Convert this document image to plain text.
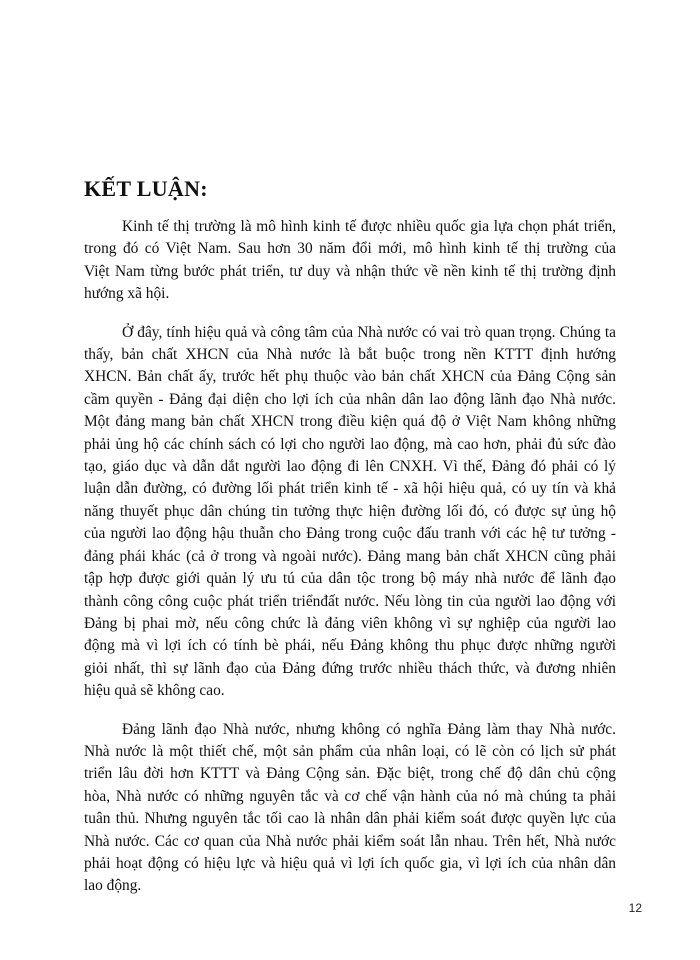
KẾT LUẬN:

Kinh tế thị trường là mô hình kinh tế được nhiều quốc gia lựa chọn phát triển,
trong đó có Việt Nam. Sau hơn 30 năm đổi mới, mô hình kinh tế thị trường của
Việt Nam từng bước phát triển, tư duy và nhận thức về nền kinh tế thị trường định
hướng xã hội.

Ở đây, tính hiệu quả và công tâm của Nhà nước có vai trò quan trọng. Chúng ta
thấy, bản chất XHCN của Nhà nước là bắt buộc trong nền KTTT định hướng
XHCN. Bản chất ấy, trước hết phụ thuộc vào bản chất XHCN của Đảng Cộng sản
cầm quyền - Đảng đại diện cho lợi ích của nhân dân lao động lãnh đạo Nhà nước.
Một đảng mang bản chất XHCN trong điều kiện quá độ ở Việt Nam không những
phải ủng hộ các chính sách có lợi cho người lao động, mà cao hơn, phải đủ sức đào
tạo, giáo dục và dẫn dắt người lao động đi lên CNXH. Vì thế, Đảng đó phải có lý
luận dẫn đường, có đường lối phát triển kinh tế - xã hội hiệu quả, có uy tín và khả
năng thuyết phục dân chúng tin tưởng thực hiện đường lối đó, có được sự ủng hộ
của người lao động hậu thuẫn cho Đảng trong cuộc đấu tranh với các hệ tư tưởng -
đảng phái khác (cả ở trong và ngoài nước). Đảng mang bản chất XHCN cũng phải
tập hợp được giới quản lý ưu tú của dân tộc trong bộ máy nhà nước để lãnh đạo
thành công công cuộc phát triển triểnđất nước. Nếu lòng tin của người lao động với
Đảng bị phai mờ, nếu công chức là đảng viên không vì sự nghiệp của người lao
động mà vì lợi ích có tính bè phái, nếu Đảng không thu phục được những người
giỏi nhất, thì sự lãnh đạo của Đảng đứng trước nhiều thách thức, và đương nhiên
hiệu quả sẽ không cao.

Đảng lãnh đạo Nhà nước, nhưng không có nghĩa Đảng làm thay Nhà nước.
Nhà nước là một thiết chế, một sản phẩm của nhân loại, có lẽ còn có lịch sử phát
triển lâu đời hơn KTTT và Đảng Cộng sản. Đặc biệt, trong chế độ dân chủ cộng
hòa, Nhà nước có những nguyên tắc và cơ chế vận hành của nó mà chúng ta phải
tuân thủ. Nhưng nguyên tắc tối cao là nhân dân phải kiểm soát được quyền lực của
Nhà nước. Các cơ quan của Nhà nước phải kiểm soát lẫn nhau. Trên hết, Nhà nước
phải hoạt động có hiệu lực và hiệu quả vì lợi ích quốc gia, vì lợi ích của nhân dân
lao động.

12
